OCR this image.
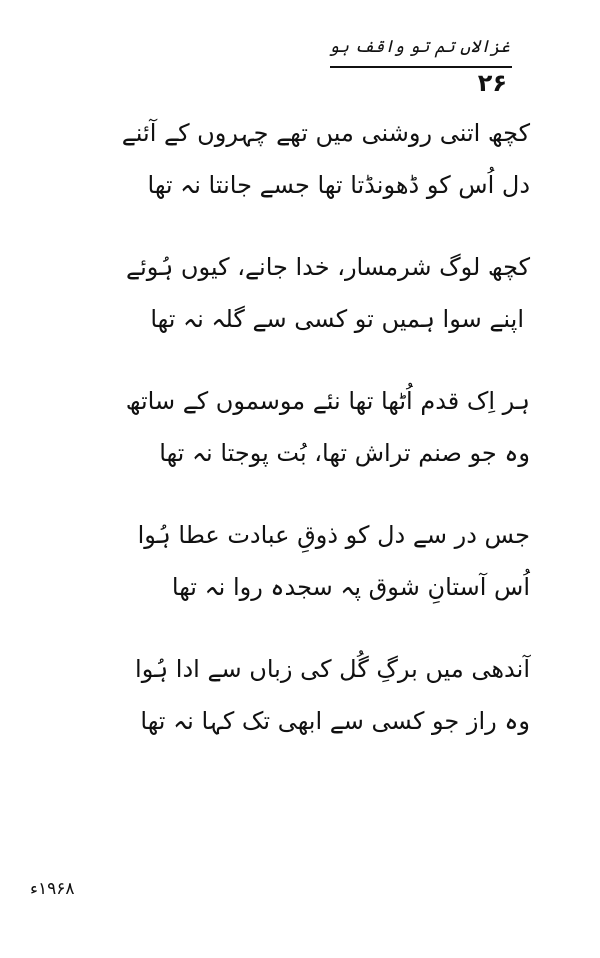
غزالاں تم تو واقف ہو
۲۶
کچھ اتنی روشنی میں تھے چہروں کے آئنے
دل اُس کو ڈھونڈتا تھا جسے جانتا نہ تھا
کچھ لوگ شرمسار، خدا جانے، کیوں ہُوئے
اپنے سوا ہمیں تو کسی سے گلہ نہ تھا
ہر اِک قدم اُٹھا تھا نئے موسموں کے ساتھ
وہ جو صنم تراش تھا، بُت پوجتا نہ تھا
جس در سے دل کو ذوقِ عبادت عطا ہُوا
اُس آستانِ شوق پہ سجدہ روا نہ تھا
آندھی میں برگِ گُل کی زباں سے ادا ہُوا
وہ راز جو کسی سے ابھی تک کہا نہ تھا
۱۹۶۸ء
